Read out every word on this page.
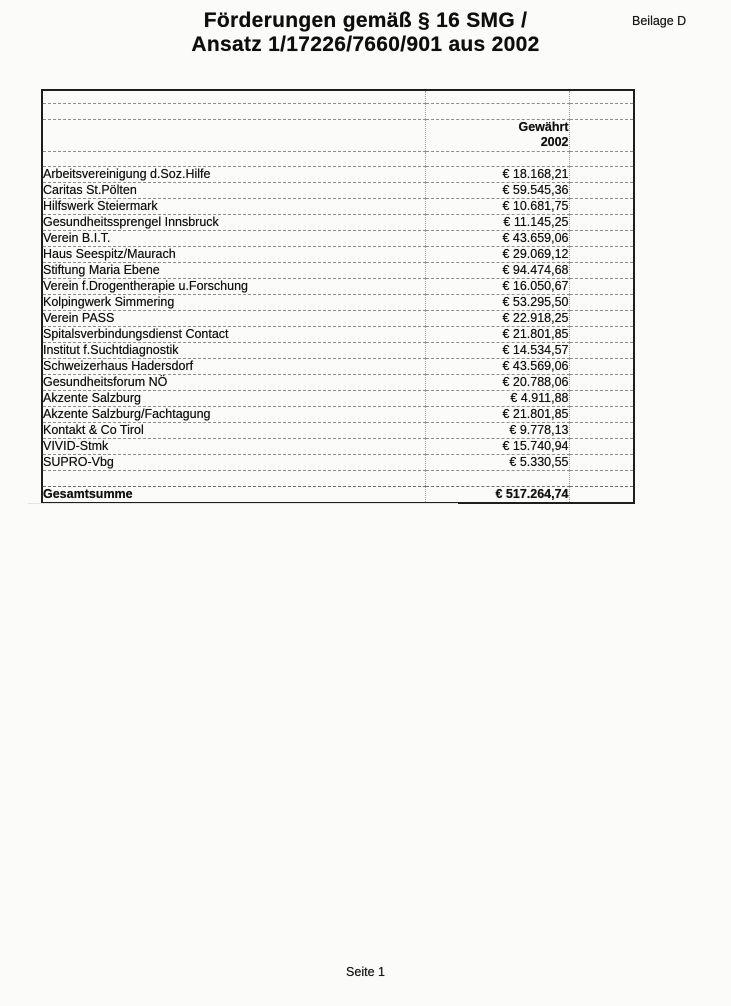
Förderungen gemäß § 16 SMG /
Ansatz 1/17226/7660/901 aus 2002
Beilage D

	Gewährt
2002	

Arbeitsvereinigung d.Soz.Hilfe	€ 18.168,21	
Caritas St.Pölten	€ 59.545,36	
Hilfswerk Steiermark	€ 10.681,75	
Gesundheitssprengel Innsbruck	€ 11.145,25	
Verein B.I.T.	€ 43.659,06	
Haus Seespitz/Maurach	€ 29.069,12	
Stiftung Maria Ebene	€ 94.474,68	
Verein f.Drogentherapie u.Forschung	€ 16.050,67	
Kolpingwerk Simmering	€ 53.295,50	
Verein PASS	€ 22.918,25	
Spitalsverbindungsdienst Contact	€ 21.801,85	
Institut f.Suchtdiagnostik	€ 14.534,57	
Schweizerhaus Hadersdorf	€ 43.569,06	
Gesundheitsforum NÖ	€ 20.788,06	
Akzente Salzburg	€ 4.911,88	
Akzente Salzburg/Fachtagung	€ 21.801,85	
Kontakt & Co Tirol	€ 9.778,13	
VIVID-Stmk	€ 15.740,94	
SUPRO-Vbg	€ 5.330,55	

Gesamtsumme	€ 517.264,74	
Seite 1
